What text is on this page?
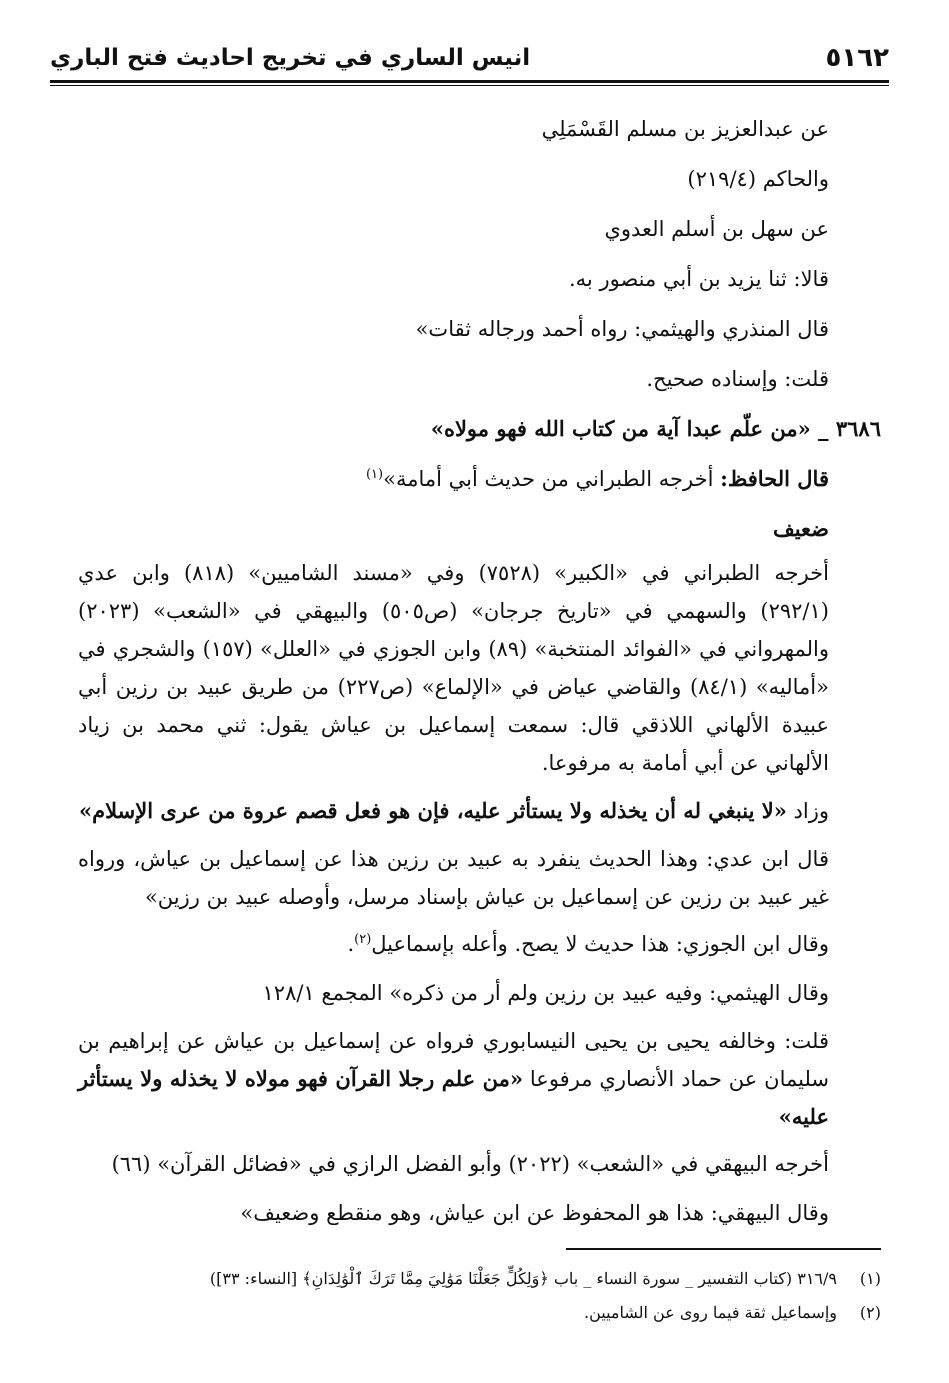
٥١٦٢
انيس الساري في تخريج احاديث فتح الباري

عن عبدالعزيز بن مسلم القَسْمَلِي

والحاكم (٢١٩/٤)

عن سهل بن أسلم العدوي

قالا: ثنا يزيد بن أبي منصور به.

قال المنذري والهيثمي: رواه أحمد ورجاله ثقات»

قلت: وإسناده صحيح.

٣٦٨٦ _ «من علّم عبدا آية من كتاب الله فهو مولاه»

قال الحافظ: أخرجه الطبراني من حديث أبي أمامة»$^{(١)}$

ضعيف

أخرجه الطبراني في «الكبير» (٧٥٢٨) وفي «مسند الشاميين» (٨١٨) وابن عدي (٢٩٢/١) والسهمي في «تاريخ جرجان» (ص٥٠٥) والبيهقي في «الشعب» (٢٠٢٣) والمهرواني في «الفوائد المنتخبة» (٨٩) وابن الجوزي في «العلل» (١٥٧) والشجري في «أماليه» (٨٤/١) والقاضي عياض في «الإلماع» (ص٢٢٧) من طريق عبيد بن رزين أبي عبيدة الألهاني اللاذقي قال: سمعت إسماعيل بن عياش يقول: ثني محمد بن زياد الألهاني عن أبي أمامة به مرفوعا.

وزاد «لا ينبغي له أن يخذله ولا يستأثر عليه، فإن هو فعل قصم عروة من عرى الإسلام»

قال ابن عدي: وهذا الحديث ينفرد به عبيد بن رزين هذا عن إسماعيل بن عياش، ورواه غير عبيد بن رزين عن إسماعيل بن عياش بإسناد مرسل، وأوصله عبيد بن رزين»

وقال ابن الجوزي: هذا حديث لا يصح. وأعله بإسماعيل$^{(٢)}$.

وقال الهيثمي: وفيه عبيد بن رزين ولم أر من ذكره» المجمع ١٢٨/١

قلت: وخالفه يحيى بن يحيى النيسابوري فرواه عن إسماعيل بن عياش عن إبراهيم بن سليمان عن حماد الأنصاري مرفوعا «من علم رجلا القرآن فهو مولاه لا يخذله ولا يستأثر عليه»

أخرجه البيهقي في «الشعب» (٢٠٢٢) وأبو الفضل الرازي في «فضائل القرآن» (٦٦)

وقال البيهقي: هذا هو المحفوظ عن ابن عياش، وهو منقطع وضعيف»

(١)٣١٦/٩ (كتاب التفسير _ سورة النساء _ باب ﴿وَلِكُلٍّ جَعَلْنَا مَوَٰلِيَ مِمَّا تَرَكَ ٱلْوَٰلِدَانِ﴾ [النساء: ٣٣])

(٢)وإسماعيل ثقة فيما روى عن الشاميين.
